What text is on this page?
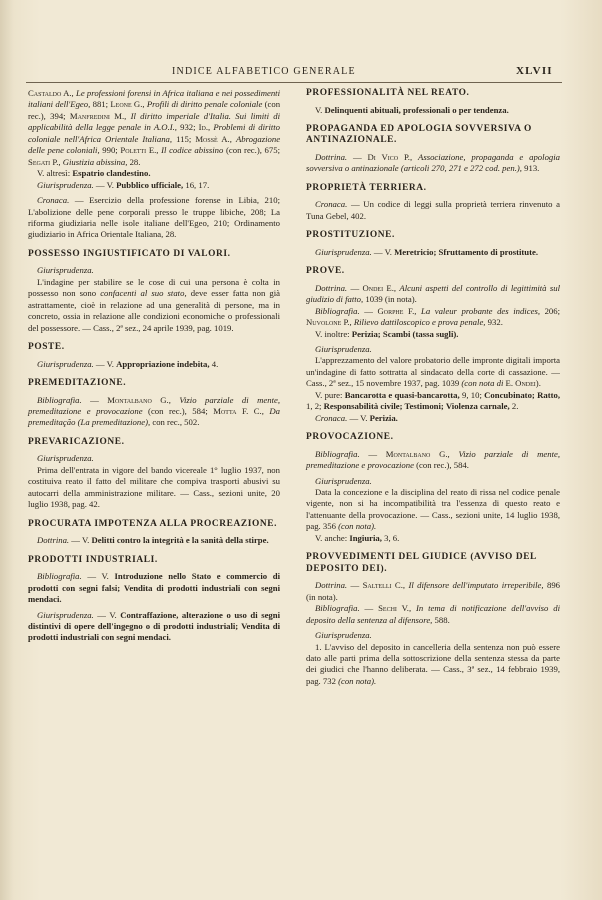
INDICE ALFABETICO GENERALE	XLVII

Castaldo A., Le professioni forensi in Africa italiana e nei possedimenti italiani dell'Egeo, 881; Leone G., Profili di diritto penale coloniale (con rec.), 394; Manfredini M., Il diritto imperiale d'Italia. Sui limiti di applicabilità della legge penale in A.O.I., 932; Id., Problemi di diritto coloniale nell'Africa Orientale Italiana, 115; Mossè A., Abrogazione delle pene coloniali, 990; Poletti E., Il codice abissino (con rec.), 675; Segati P., Giustizia abissina, 28.

V. altresì: Espatrio clandestino.

Giurisprudenza. — V. Pubblico ufficiale, 16, 17.

Cronaca. — Esercizio della professione forense in Libia, 210; L'abolizione delle pene corporali presso le truppe libiche, 208; La riforma giudiziaria nelle isole italiane dell'Egeo, 210; Ordinamento giudiziario in Africa Orientale Italiana, 28.

POSSESSO INGIUSTIFICATO DI VALORI.

Giurisprudenza.

L'indagine per stabilire se le cose di cui una persona è colta in possesso non sono confacenti al suo stato, deve esser fatta non già astrattamente, cioè in relazione ad una generalità di persone, ma in concreto, ossia in relazione alle condizioni economiche o professionali del possessore. — Cass., 2ª sez., 24 aprile 1939, pag. 1019.

POSTE.

Giurisprudenza. — V. Appropriazione indebita, 4.

PREMEDITAZIONE.

Bibliografia. — Montalbano G., Vizio parziale di mente, premeditazione e provocazione (con rec.), 584; Motta F. C., Da premeditação (La premeditazione), con rec., 502.

PREVARICAZIONE.

Giurisprudenza.

Prima dell'entrata in vigore del bando vicereale 1° luglio 1937, non costituiva reato il fatto del militare che compiva trasporti abusivi su autocarri della amministrazione militare. — Cass., sezioni unite, 20 luglio 1938, pag. 42.

PROCURATA IMPOTENZA ALLA PROCREAZIONE.

Dottrina. — V. Delitti contro la integrità e la sanità della stirpe.

PRODOTTI INDUSTRIALI.

Bibliografia. — V. Introduzione nello Stato e commercio di prodotti con segni falsi; Vendita di prodotti industriali con segni mendaci.

Giurisprudenza. — V. Contraffazione, alterazione o uso di segni distintivi di opere dell'ingegno o di prodotti industriali; Vendita di prodotti industriali con segni mendaci.

PROFESSIONALITÀ NEL REATO.

V. Delinquenti abituali, professionali o per tendenza.

PROPAGANDA ED APOLOGIA SOVVERSIVA O ANTINAZIONALE.

Dottrina. — Di Vico P., Associazione, propaganda e apologia sovversiva o antinazionale (articoli 270, 271 e 272 cod. pen.), 913.

PROPRIETÀ TERRIERA.

Cronaca. — Un codice di leggi sulla proprietà terriera rinvenuto a Tuna Gebel, 402.

PROSTITUZIONE.

Giurisprudenza. — V. Meretricio; Sfruttamento di prostitute.

PROVE.

Dottrina. — Ondei E., Alcuni aspetti del controllo di legittimità sul giudizio di fatto, 1039 (in nota).

Bibliografia. — Gorphe F., La valeur probante des indices, 206; Nuvolone P., Rilievo dattiloscopico e prova penale, 932.

V. inoltre: Perizia; Scambi (tassa sugli).

Giurisprudenza.

L'apprezzamento del valore probatorio delle impronte digitali importa un'indagine di fatto sottratta al sindacato della corte di cassazione. — Cass., 2ª sez., 15 novembre 1937, pag. 1039 (con nota di E. Ondei).

V. pure: Bancarotta e quasi-bancarotta, 9, 10; Concubinato; Ratto, 1, 2; Responsabilità civile; Testimoni; Violenza carnale, 2.

Cronaca. — V. Perizia.

PROVOCAZIONE.

Bibliografia. — Montalbano G., Vizio parziale di mente, premeditazione e provocazione (con rec.), 584.

Giurisprudenza.

Data la concezione e la disciplina del reato di rissa nel codice penale vigente, non si ha incompatibilità tra l'essenza di questo reato e l'attenuante della provocazione. — Cass., sezioni unite, 14 luglio 1938, pag. 356 (con nota).

V. anche: Ingiuria, 3, 6.

PROVVEDIMENTI DEL GIUDICE (AVVISO DEL DEPOSITO DEI).

Dottrina. — Saltelli C., Il difensore dell'imputato irreperibile, 896 (in nota).

Bibliografia. — Sechi V., In tema di notificazione dell'avviso di deposito della sentenza al difensore, 588.

Giurisprudenza.

1. L'avviso del deposito in cancelleria della sentenza non può essere dato alle parti prima della sottoscrizione della sentenza stessa da parte dei giudici che l'hanno deliberata. — Cass., 3ª sez., 14 febbraio 1939, pag. 732 (con nota).
